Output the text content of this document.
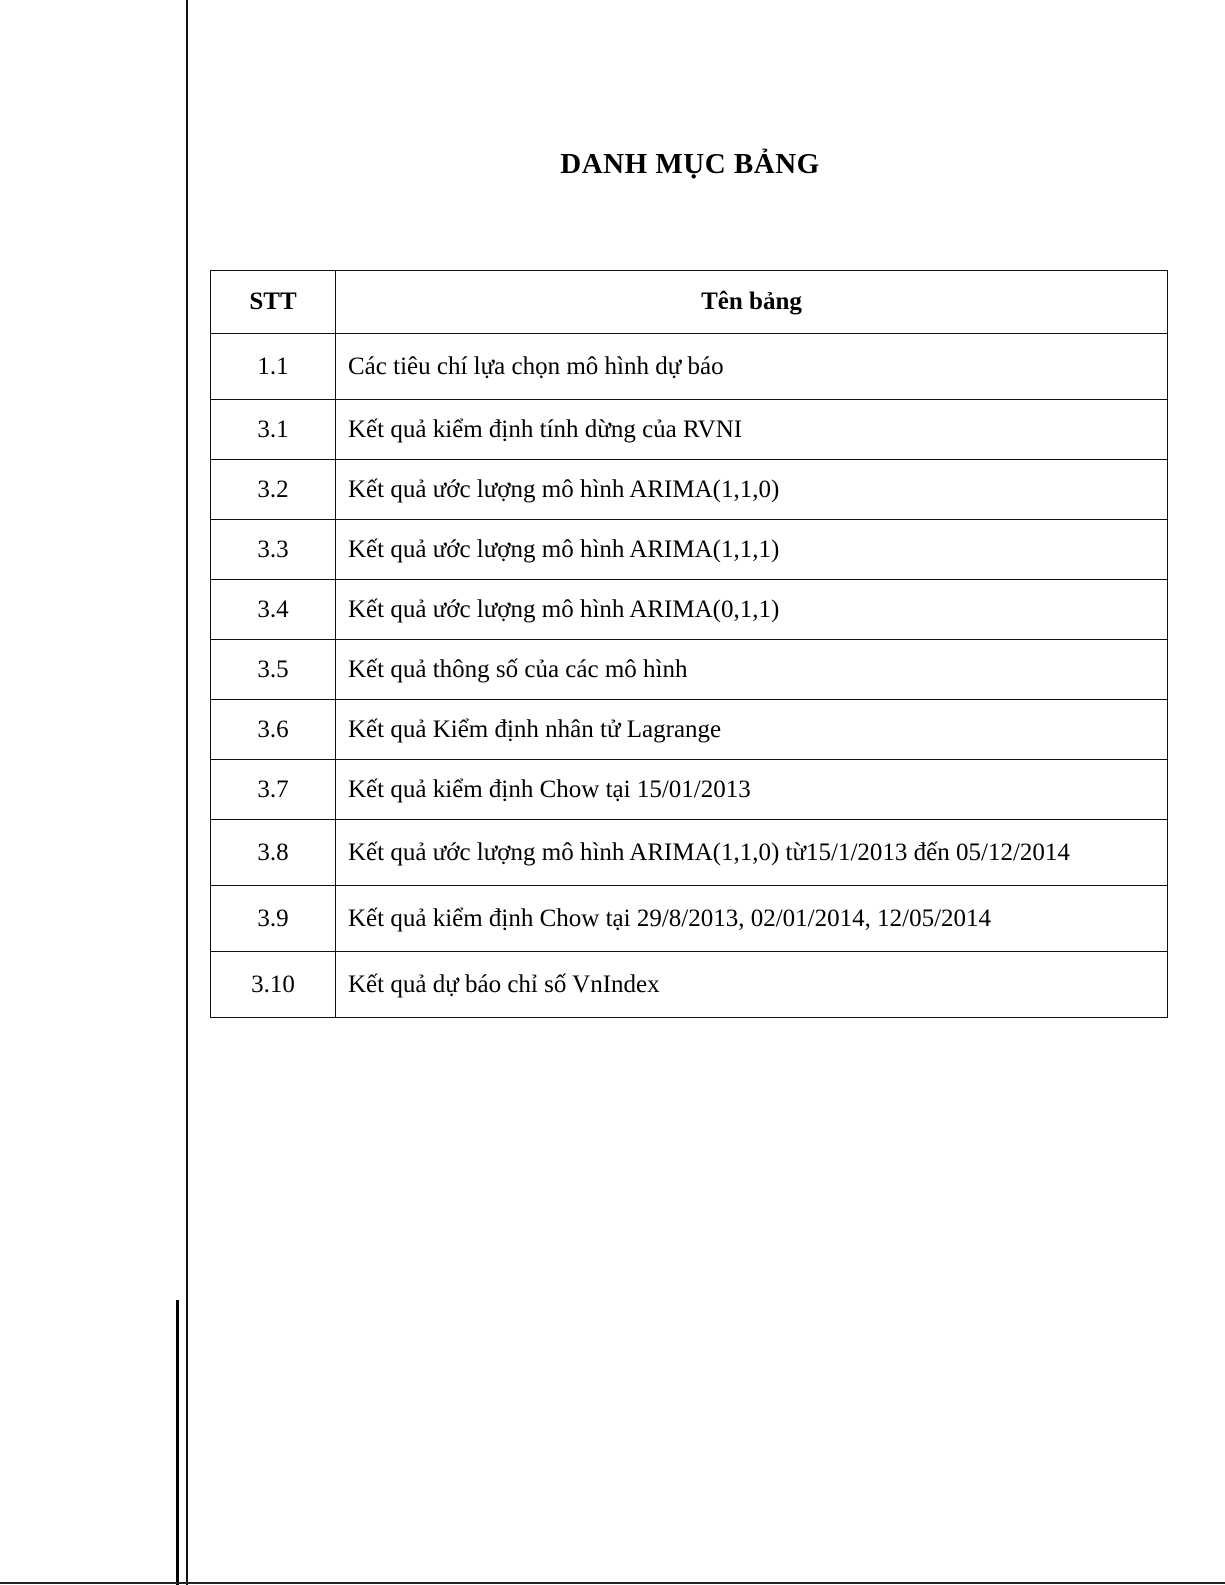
DANH MỤC BẢNG
STT	Tên bảng
1.1	Các tiêu chí lựa chọn mô hình dự báo
3.1	Kết quả kiểm định tính dừng của RVNI
3.2	Kết quả ước lượng mô hình ARIMA(1,1,0)
3.3	Kết quả ước lượng mô hình ARIMA(1,1,1)
3.4	Kết quả ước lượng mô hình ARIMA(0,1,1)
3.5	Kết quả thông số của các mô hình
3.6	Kết quả Kiểm định nhân tử Lagrange
3.7	Kết quả kiểm định Chow tại 15/01/2013
3.8	Kết quả ước lượng mô hình ARIMA(1,1,0) từ15/1/2013 đến 05/12/2014
3.9	Kết quả kiểm định Chow tại 29/8/2013, 02/01/2014, 12/05/2014
3.10	Kết quả dự báo chỉ số VnIndex
